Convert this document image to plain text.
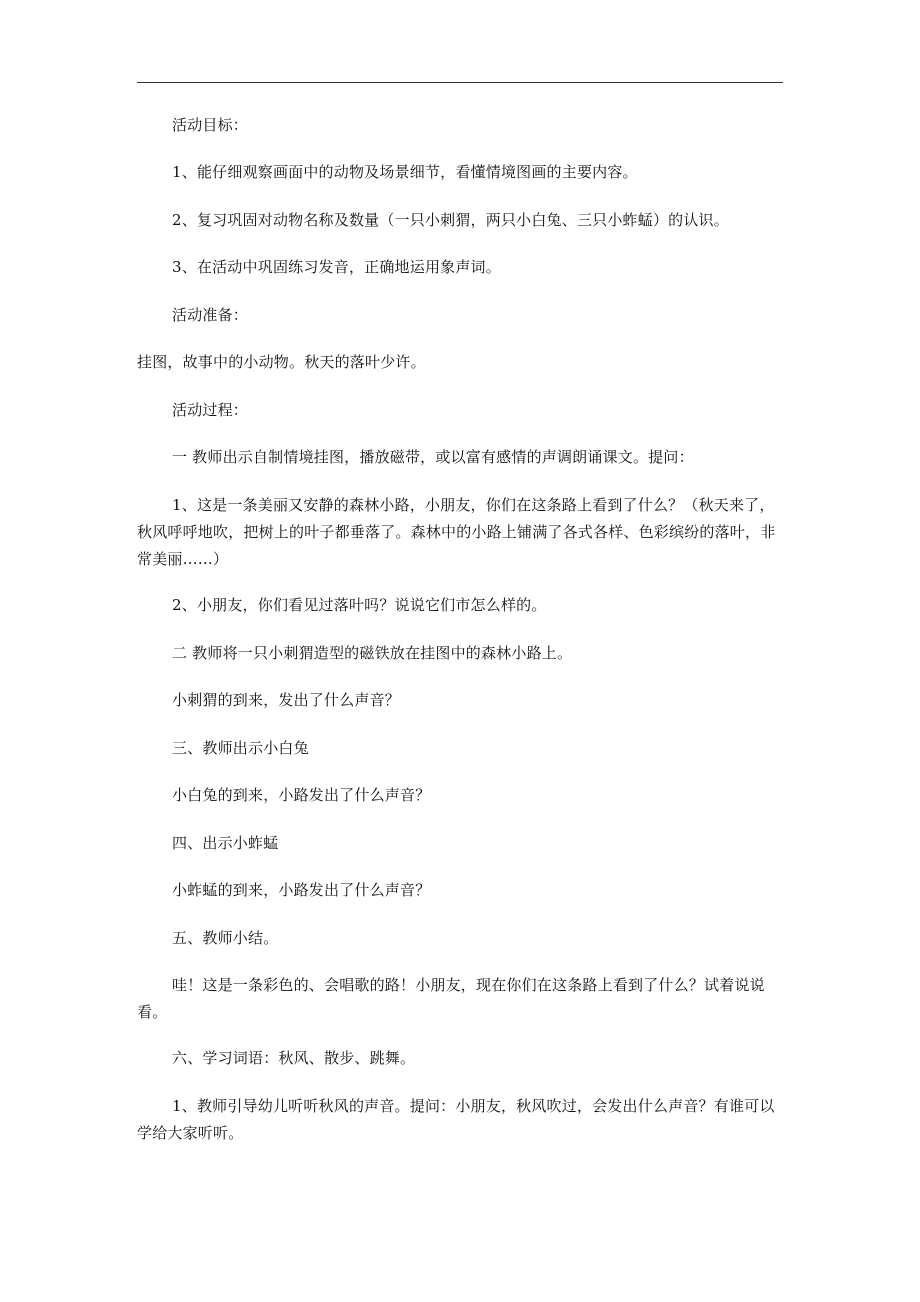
活动目标：
1、能仔细观察画面中的动物及场景细节，看懂情境图画的主要内容。
2、复习巩固对动物名称及数量（一只小刺猬，两只小白兔、三只小蚱蜢）的认识。
3、在活动中巩固练习发音，正确地运用象声词。
活动准备：
挂图，故事中的小动物。秋天的落叶少许。
活动过程：
一 教师出示自制情境挂图，播放磁带，或以富有感情的声调朗诵课文。提问：
1、这是一条美丽又安静的森林小路，小朋友，你们在这条路上看到了什么？（秋天来了，秋风呼呼地吹，把树上的叶子都垂落了。森林中的小路上铺满了各式各样、色彩缤纷的落叶，非常美丽……）
2、小朋友，你们看见过落叶吗？说说它们市怎么样的。
二 教师将一只小刺猬造型的磁铁放在挂图中的森林小路上。
小刺猬的到来，发出了什么声音？
三、教师出示小白兔
小白兔的到来，小路发出了什么声音？
四、出示小蚱蜢
小蚱蜢的到来，小路发出了什么声音？
五、教师小结。
哇！这是一条彩色的、会唱歌的路！小朋友，现在你们在这条路上看到了什么？试着说说看。
六、学习词语：秋风、散步、跳舞。
1、教师引导幼儿听听秋风的声音。提问：小朋友，秋风吹过，会发出什么声音？有谁可以学给大家听听。
